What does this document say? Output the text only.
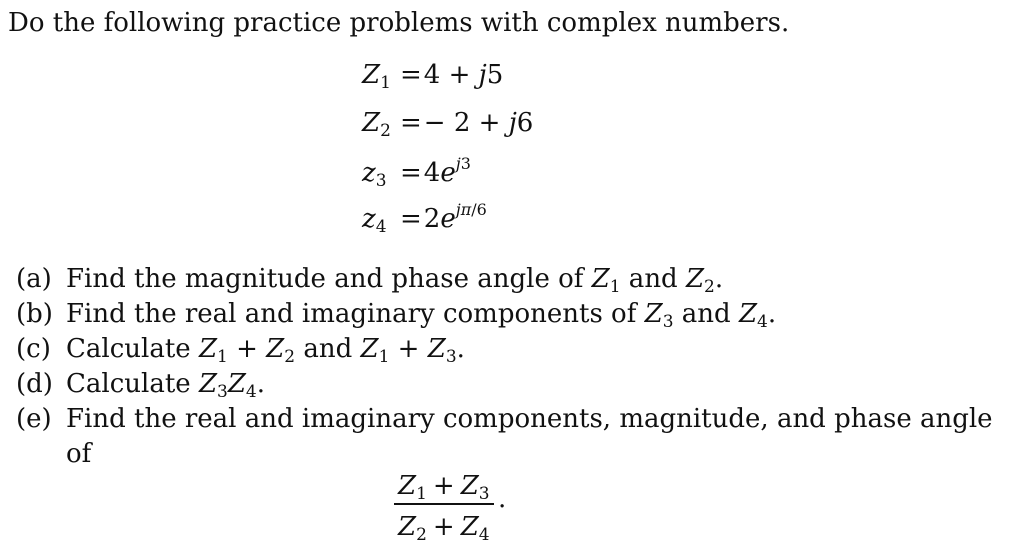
Do the following practice problems with complex numbers.
$Z_1 =4 + j5$
$Z_2 =- 2 + j6$
$z_3 =4e^{j3}$
$z_4 =2e^{j\pi/6}$
(a) Find the magnitude and phase angle of $Z_1$ and $Z_2$.
(b) Find the real and imaginary components of $Z_3$ and $Z_4$.
(c) Calculate $Z_1 + Z_2$ and $Z_1 + Z_3$.
(d) Calculate $Z_3Z_4$.
(e) Find the real and imaginary components, magnitude, and phase angle
of
$Z_1 + Z_3$
$Z_2 + Z_4$
.
